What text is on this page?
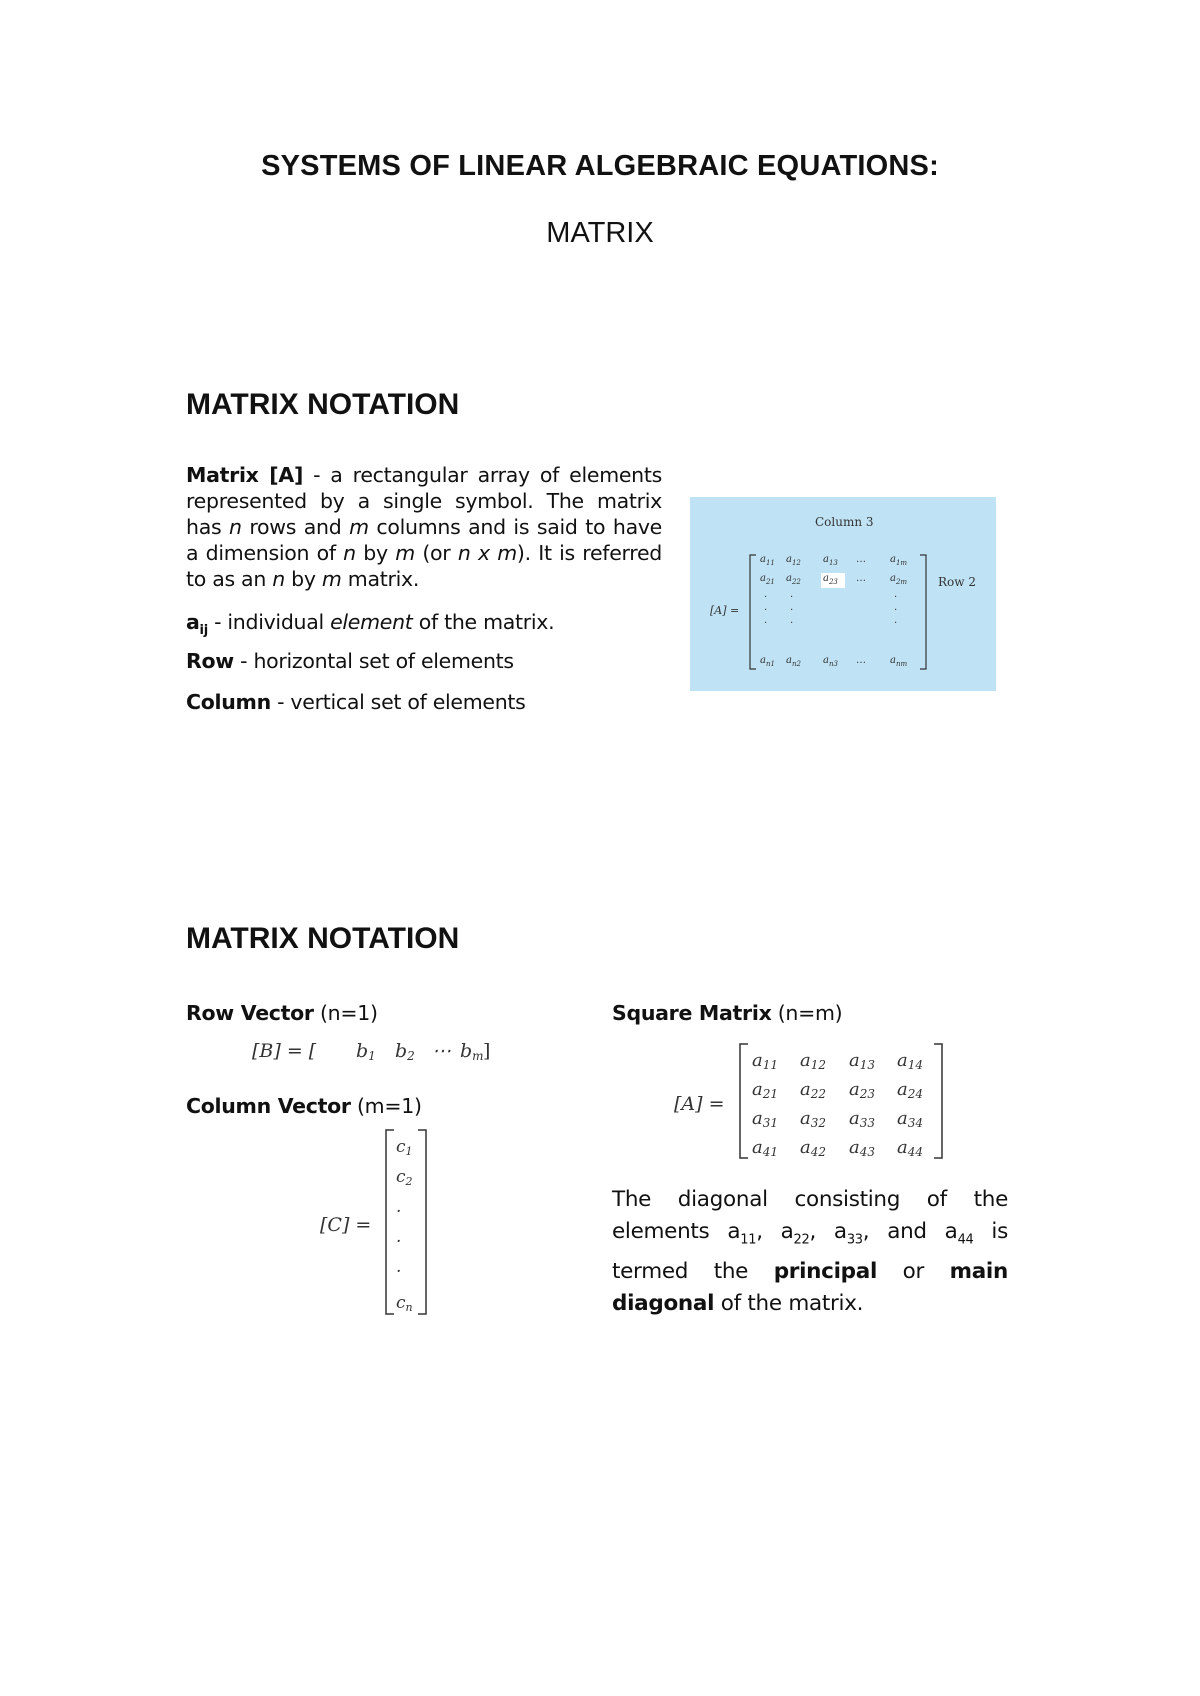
SYSTEMS OF LINEAR ALGEBRAIC EQUATIONS:
MATRIX
MATRIX NOTATION
Matrix [A] - a rectangular array of elements represented by a single symbol. The matrix has n rows and m columns and is said to have a dimension of n by m (or n x m). It is referred to as an n by m matrix.
$a_{ij}$ - individual element of the matrix.
Row - horizontal set of elements
Column - vertical set of elements
Column 3
Row 2
[A] =
$a_{11}$ $a_{12}$ $a_{13}$ … $a_{1m}$
$a_{21}$ $a_{22}$ $a_{23}$ … $a_{2m}$
.
.
.
.
.
.
.
.
.
$a_{n1}$ $a_{n2}$ $a_{n3}$ … $a_{nm}$
MATRIX NOTATION
Row Vector (n=1)
[B] = [ b1 b2 ⋯ bm ]
Column Vector (m=1)
[C] =
c1
c2
.
.
.
cn
Square Matrix (n=m)
[A] =
a11 a12 a13 a14
a21 a22 a23 a24
a31 a32 a33 a34
a41 a42 a43 a44
The diagonal consisting of the elements $a_{11}$, $a_{22}$, $a_{33}$, and $a_{44}$ is termed the principal or main diagonal of the matrix.
